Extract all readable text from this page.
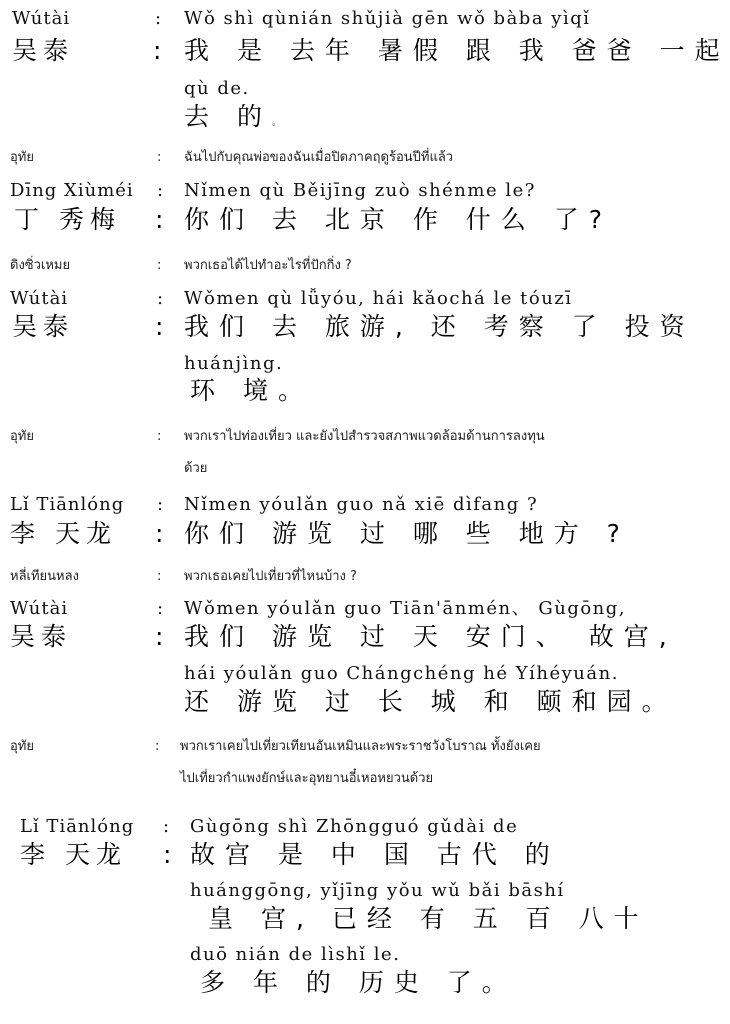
Wútài	: Wǒ shì qùnián shǔjià gēn wǒ bàba yìqǐ
吴泰	: 我 是 去年 暑假 跟 我 爸爸 一起
qù de.
去 的。
อุทัย	: ฉันไปกับคุณพ่อของฉันเมื่อปิดภาคฤดูร้อนปีที่แล้ว
Dīng Xiùméi : Nǐmen qù Běijīng zuò shénme le?
丁 秀梅 : 你们 去 北京 作 什么 了?
ดิงซิ่วเหมย	: พวกเธอได้ไปทำอะไรที่ปักกิ่ง ?
Wútài	: Wǒmen qù lǚyóu, hái kǎochá le tóuzī
吴泰	: 我们 去 旅游, 还 考察 了 投资
huánjìng.
环 境。
อุทัย	: พวกเราไปท่องเที่ยว และยังไปสำรวจสภาพแวดล้อมด้านการลงทุน
ด้วย
Lǐ Tiānlóng : Nǐmen yóulǎn guo nǎ xiē dìfang ?
李 天龙 : 你们 游览 过 哪 些 地方 ?
หลี่เทียนหลง	: พวกเธอเคยไปเที่ยวที่ไหนบ้าง ?
Wútài	: Wǒmen yóulǎn guo Tiān'ānmén、 Gùgōng,
吴泰	: 我们 游览 过 天 安门、 故宫,
hái yóulǎn guo Chángchéng hé Yíhéyuán.
还 游览 过 长 城 和 颐和园。
อุทัย	: พวกเราเคยไปเที่ยวเทียนอันเหมินและพระราชวังโบราณ ทั้งยังเคย
ไปเที่ยวกำแพงยักษ์และอุทยานอี๋เหอหยวนด้วย
Lǐ Tiānlóng : Gùgōng shì Zhōngguó gǔdài de
李 天龙 : 故宫 是 中 国 古代 的
huánggōng, yǐjīng yǒu wǔ bǎi bāshí
皇 宫, 已经 有 五 百 八十
duō nián de lìshǐ le.
多 年 的 历史 了。
